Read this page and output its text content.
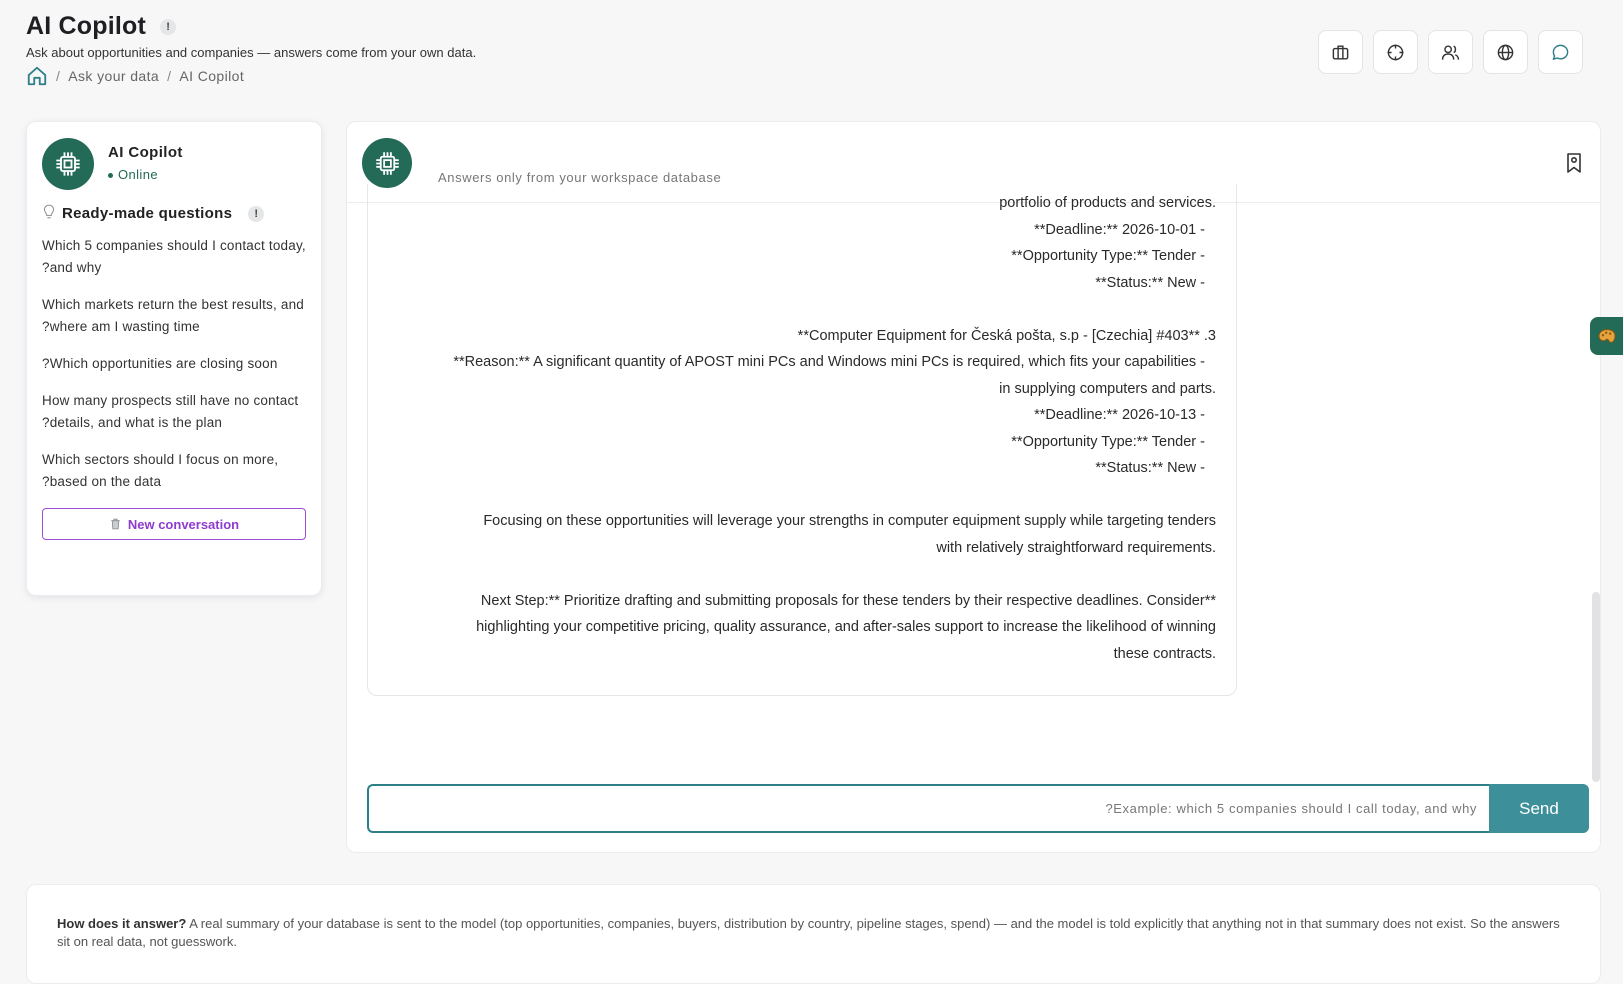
AI Copilot	!
Ask about opportunities and companies — answers come from your own data.
/ Ask your data / AI Copilot
AI Copilot
Online
Ready-made questions	!
Which 5 companies should I contact today, and why?
Which markets return the best results, and where am I wasting time?
Which opportunities are closing soon?
How many prospects still have no contact details, and what is the plan?
Which sectors should I focus on more, based on the data?
New conversation
Answers only from your workspace database
.portfolio of products and services
- Deadline:** 2026-10-01**
- Opportunity Type:** Tender**
- Status:** New**
3. **Computer Equipment for Česká pošta, s.p - [Czechia] #403**
- Reason:** A significant quantity of APOST mini PCs and Windows mini PCs is required, which fits your capabilities**
.in supplying computers and parts
- Deadline:** 2026-10-13**
- Opportunity Type:** Tender**
- Status:** New**
Focusing on these opportunities will leverage your strengths in computer equipment supply while targeting tenders
.with relatively straightforward requirements
**Next Step:** Prioritize drafting and submitting proposals for these tenders by their respective deadlines. Consider
highlighting your competitive pricing, quality assurance, and after-sales support to increase the likelihood of winning
.these contracts
Example: which 5 companies should I call today, and why?
Send
How does it answer? A real summary of your database is sent to the model (top opportunities, companies, buyers, distribution by country, pipeline stages, spend) — and the model is told explicitly that anything not in that summary does not exist. So the answers sit on real data, not guesswork.
